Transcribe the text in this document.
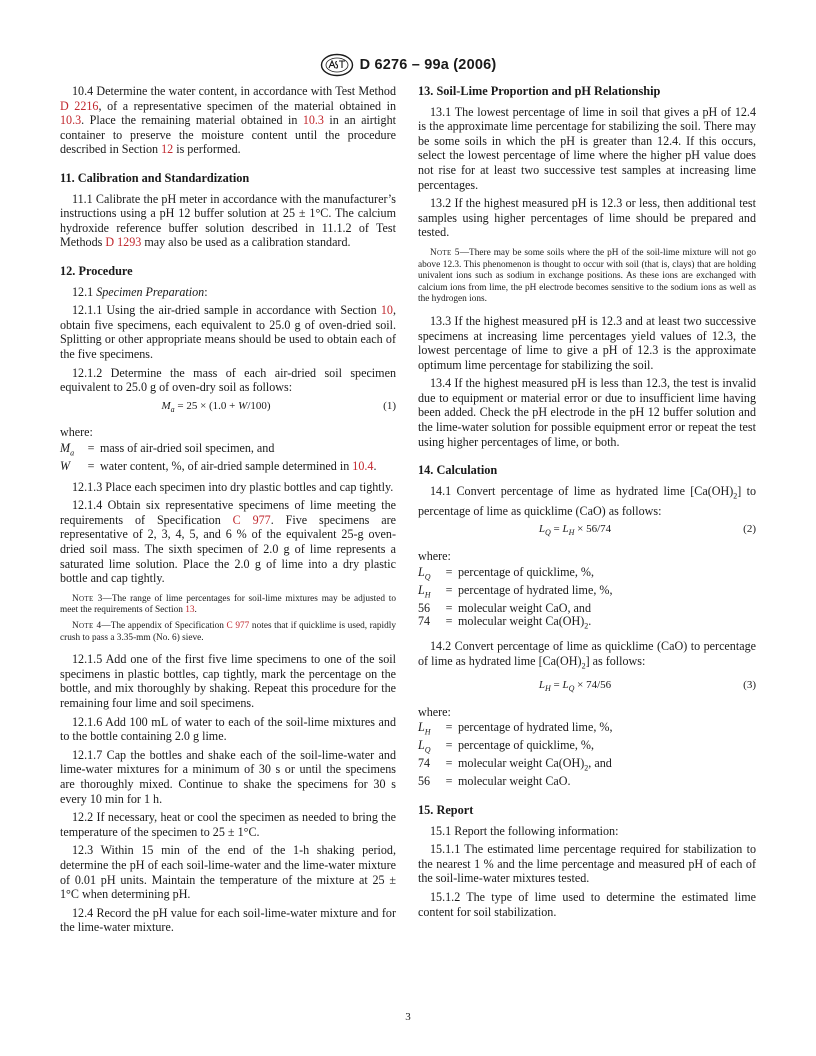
D 6276 – 99a (2006)

10.4 Determine the water content, in accordance with Test Method D 2216, of a representative specimen of the material obtained in 10.3. Place the remaining material obtained in 10.3 in an airtight container to preserve the moisture content until the procedure described in Section 12 is performed.

11. Calibration and Standardization

11.1 Calibrate the pH meter in accordance with the manufacturer’s instructions using a pH 12 buffer solution at 25 ± 1°C. The calcium hydroxide reference buffer solution described in 11.1.2 of Test Methods D 1293 may also be used as a calibration standard.

12. Procedure

12.1 Specimen Preparation:

12.1.1 Using the air-dried sample in accordance with Section 10, obtain five specimens, each equivalent to 25.0 g of oven-dried soil. Splitting or other appropriate means should be used to obtain each of the five specimens.

12.1.2 Determine the mass of each air-dried soil specimen equivalent to 25.0 g of oven-dry soil as follows:

$M_a = 25 \times (1.0 + W/100)$	(1)

where:

$M_a$	=	mass of air-dried soil specimen, and
W	=	water content, %, of air-dried sample determined in 10.4.

12.1.3 Place each specimen into dry plastic bottles and cap tightly.

12.1.4 Obtain six representative specimens of lime meeting the requirements of Specification C 977. Five specimens are representative of 2, 3, 4, 5, and 6 % of the equivalent 25-g oven-dried soil mass. The sixth specimen of 2.0 g of lime represents a saturated lime solution. Place the 2.0 g of lime into a dry plastic bottle and cap tightly.

Note 3—The range of lime percentages for soil-lime mixtures may be adjusted to meet the requirements of Section 13.

Note 4—The appendix of Specification C 977 notes that if quicklime is used, rapidly crush to pass a 3.35-mm (No. 6) sieve.

12.1.5 Add one of the first five lime specimens to one of the soil specimens in plastic bottles, cap tightly, mark the percentage on the bottle, and mix thoroughly by shaking. Repeat this procedure for the remaining four lime and soil specimens.

12.1.6 Add 100 mL of water to each of the soil-lime mixtures and to the bottle containing 2.0 g lime.

12.1.7 Cap the bottles and shake each of the soil-lime-water and lime-water mixtures for a minimum of 30 s or until the specimens are thoroughly mixed. Continue to shake the specimens for 30 s every 10 min for 1 h.

12.2 If necessary, heat or cool the specimen as needed to bring the temperature of the specimen to 25 ± 1°C.

12.3 Within 15 min of the end of the 1-h shaking period, determine the pH of each soil-lime-water and the lime-water mixture of 0.01 pH units. Maintain the temperature of the mixture at 25 ± 1°C when determining pH.

12.4 Record the pH value for each soil-lime-water mixture and for the lime-water mixture.

13. Soil-Lime Proportion and pH Relationship

13.1 The lowest percentage of lime in soil that gives a pH of 12.4 is the approximate lime percentage for stabilizing the soil. There may be some soils in which the pH is greater than 12.4. If this occurs, select the lowest percentage of lime where the higher pH value does not rise for at least two successive test samples at increasing lime percentages.

13.2 If the highest measured pH is 12.3 or less, then additional test samples using higher percentages of lime should be prepared and tested.

Note 5—There may be some soils where the pH of the soil-lime mixture will not go above 12.3. This phenomenon is thought to occur with soil (that is, clays) that are holding univalent ions such as sodium in exchange positions. As these ions are exchanged with calcium ions from lime, the pH electrode becomes sensitive to the sodium ions as well as the hydrogen ions.

13.3 If the highest measured pH is 12.3 and at least two successive specimens at increasing lime percentages yield values of 12.3, the lowest percentage of lime to give a pH of 12.3 is the approximate optimum lime percentage for stabilizing the soil.

13.4 If the highest measured pH is less than 12.3, the test is invalid due to equipment or material error or due to insufficient lime having been added. Check the pH electrode in the pH 12 buffer solution and the lime-water solution for possible equipment error or repeat the test using higher percentages of lime, or both.

14. Calculation

14.1 Convert percentage of lime as hydrated lime $[Ca(OH)_2]$ to percentage of lime as quicklime (CaO) as follows:

$L_Q = L_H \times 56/74$	(2)

where:

$L_Q$	=	percentage of quicklime, %,
$L_H$	=	percentage of hydrated lime, %,
56	=	molecular weight CaO, and
74	=	molecular weight $Ca(OH)_2$.

14.2 Convert percentage of lime as quicklime (CaO) to percentage of lime as hydrated lime $[Ca(OH)_2]$ as follows:

$L_H = L_Q \times 74/56$	(3)

where:

$L_H$	=	percentage of hydrated lime, %,
$L_Q$	=	percentage of quicklime, %,
74	=	molecular weight $Ca(OH)_2$, and
56	=	molecular weight CaO.
15. Report

15.1 Report the following information:

15.1.1 The estimated lime percentage required for stabilization to the nearest 1 % and the lime percentage and measured pH of each of the soil-lime-water mixtures tested.

15.1.2 The type of lime used to determine the estimated lime content for soil stabilization.

3
